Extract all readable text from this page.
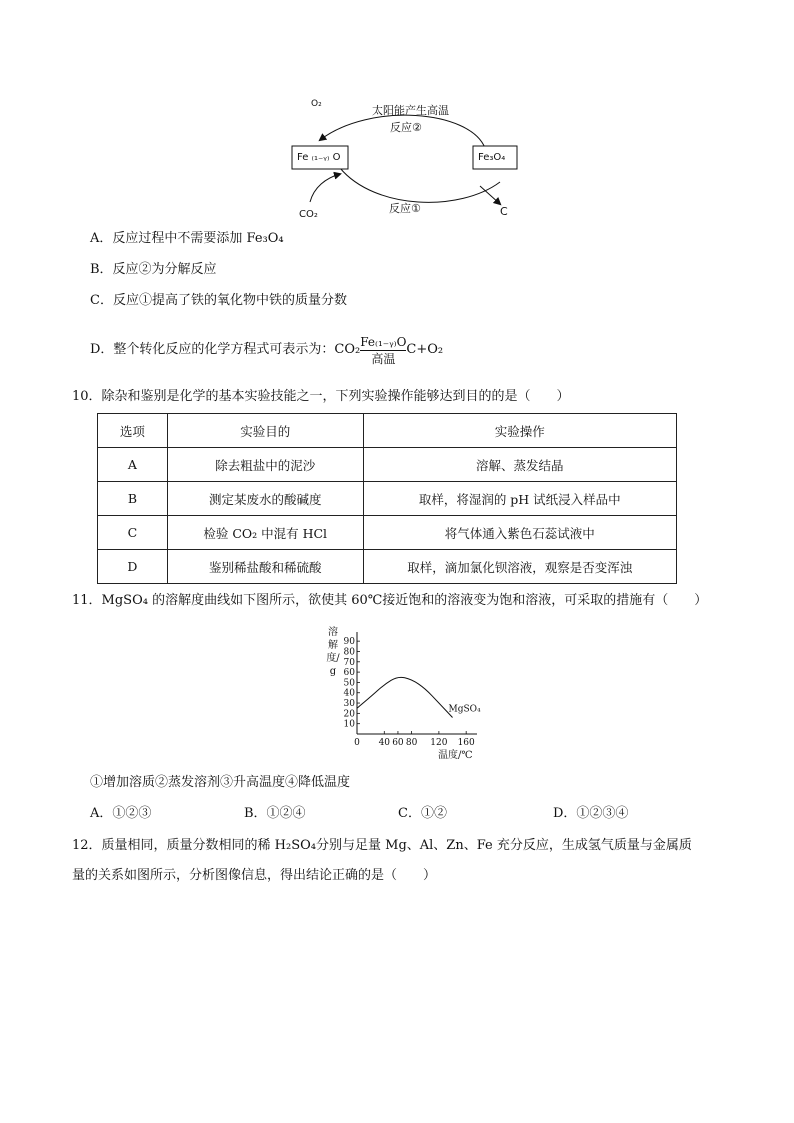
O₂	太阳能产生高温
反应②
Fe ₍₁₋ᵧ₎ O	Fe₃O₄
CO₂	反应①	C
A．反应过程中不需要添加 Fe₃O₄
B．反应②为分解反应
C．反应①提高了铁的氧化物中铁的质量分数
D．整个转化反应的化学方程式可表示为：$CO_2 \frac{\text{Fe₍₁₋ᵧ₎O}}{\text{高温}} C+O_2$
10．除杂和鉴别是化学的基本实验技能之一，下列实验操作能够达到目的的是（　　）
选项	实验目的	实验操作
A	除去粗盐中的泥沙	溶解、蒸发结晶
B	测定某废水的酸碱度	取样，将湿润的 pH 试纸浸入样品中
C	检验 CO₂ 中混有 HCl	将气体通入紫色石蕊试液中
D	鉴别稀盐酸和稀硫酸	取样，滴加氯化钡溶液，观察是否变浑浊
11．MgSO₄ 的溶解度曲线如下图所示，欲使其 60℃接近饱和的溶液变为饱和溶液，可采取的措施有（　　）
溶解度/g
10
20
30
40
50
60
70
80
90
0 40 60 80 120 160
MgSO₄
温度/℃
①增加溶质②蒸发溶剂③升高温度④降低温度
A．①②③	B．①②④	C．①②	D．①②③④
12．质量相同，质量分数相同的稀 H₂SO₄分别与足量 Mg、Al、Zn、Fe 充分反应，生成氢气质量与金属质
量的关系如图所示，分析图像信息，得出结论正确的是（　　）
